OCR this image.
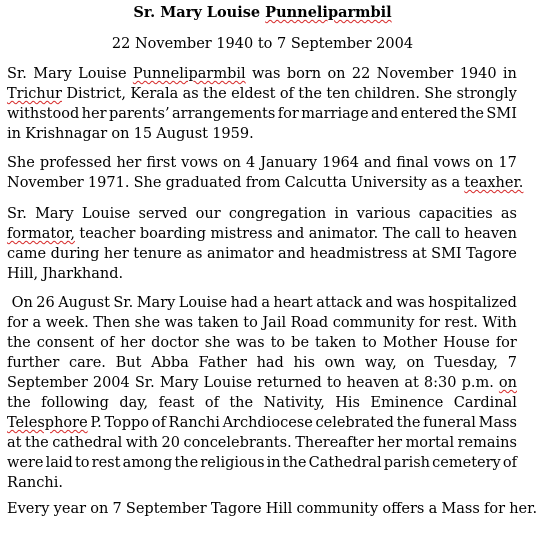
Sr. Mary Louise Punneliparmbil
22 November 1940 to 7 September 2004
Sr. Mary Louise Punneliparmbil was born on 22 November 1940 in
Trichur District, Kerala as the eldest of the ten children. She strongly
withstood her parents’ arrangements for marriage and entered the SMI
in Krishnagar on 15 August 1959.
She professed her first vows on 4 January 1964 and final vows on 17
November 1971. She graduated from Calcutta University as a teaxher.
Sr. Mary Louise served our congregation in various capacities as
formator, teacher boarding mistress and animator. The call to heaven
came during her tenure as animator and headmistress at SMI Tagore
Hill, Jharkhand.
On 26 August Sr. Mary Louise had a heart attack and was hospitalized
for a week. Then she was taken to Jail Road community for rest. With
the consent of her doctor she was to be taken to Mother House for
further care. But Abba Father had his own way, on Tuesday, 7
September 2004 Sr. Mary Louise returned to heaven at 8:30 p.m. on
the following day, feast of the Nativity, His Eminence Cardinal
Telesphore P. Toppo of Ranchi Archdiocese celebrated the funeral Mass
at the cathedral with 20 concelebrants. Thereafter her mortal remains
were laid to rest among the religious in the Cathedral parish cemetery of
Ranchi.
Every year on 7 September Tagore Hill community offers a Mass for her.
